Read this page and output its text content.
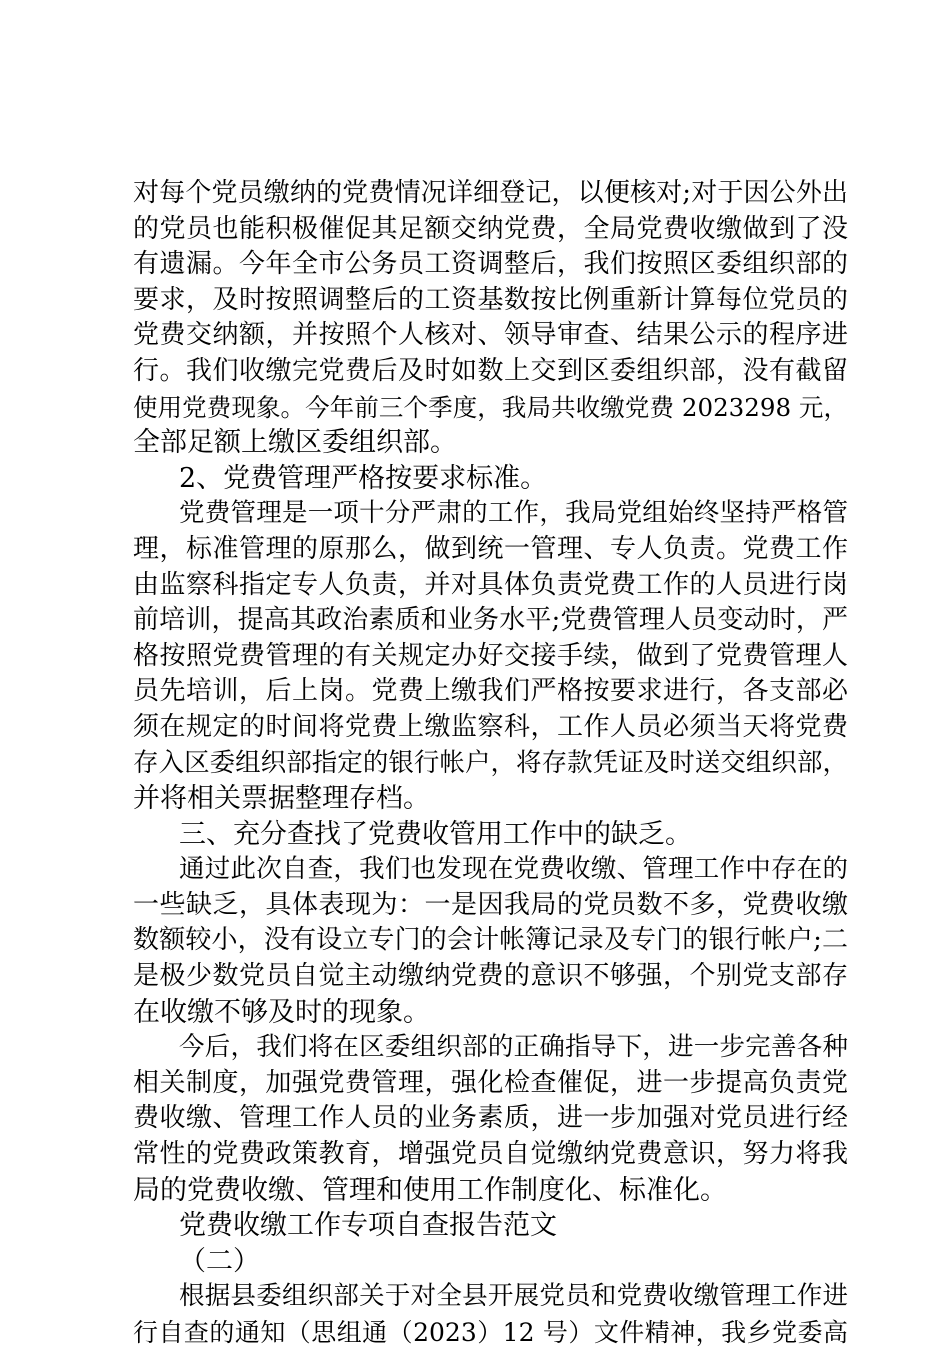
对每个党员缴纳的党费情况详细登记，以便核对;对于因公外出
的党员也能积极催促其足额交纳党费，全局党费收缴做到了没
有遗漏。今年全市公务员工资调整后，我们按照区委组织部的
要求，及时按照调整后的工资基数按比例重新计算每位党员的
党费交纳额，并按照个人核对、领导审查、结果公示的程序进
行。我们收缴完党费后及时如数上交到区委组织部，没有截留
使用党费现象。今年前三个季度，我局共收缴党费 2023298 元，
全部足额上缴区委组织部。
2、党费管理严格按要求标准。
党费管理是一项十分严肃的工作，我局党组始终坚持严格管
理，标准管理的原那么，做到统一管理、专人负责。党费工作
由监察科指定专人负责，并对具体负责党费工作的人员进行岗
前培训，提高其政治素质和业务水平;党费管理人员变动时，严
格按照党费管理的有关规定办好交接手续，做到了党费管理人
员先培训，后上岗。党费上缴我们严格按要求进行，各支部必
须在规定的时间将党费上缴监察科，工作人员必须当天将党费
存入区委组织部指定的银行帐户，将存款凭证及时送交组织部，
并将相关票据整理存档。
三、充分查找了党费收管用工作中的缺乏。
通过此次自查，我们也发现在党费收缴、管理工作中存在的
一些缺乏，具体表现为：一是因我局的党员数不多，党费收缴
数额较小，没有设立专门的会计帐簿记录及专门的银行帐户;二
是极少数党员自觉主动缴纳党费的意识不够强，个别党支部存
在收缴不够及时的现象。
今后，我们将在区委组织部的正确指导下，进一步完善各种
相关制度，加强党费管理，强化检查催促，进一步提高负责党
费收缴、管理工作人员的业务素质，进一步加强对党员进行经
常性的党费政策教育，增强党员自觉缴纳党费意识，努力将我
局的党费收缴、管理和使用工作制度化、标准化。
党费收缴工作专项自查报告范文
（二）
根据县委组织部关于对全县开展党员和党费收缴管理工作进
行自查的通知（思组通（2023）12 号）文件精神，我乡党委高
